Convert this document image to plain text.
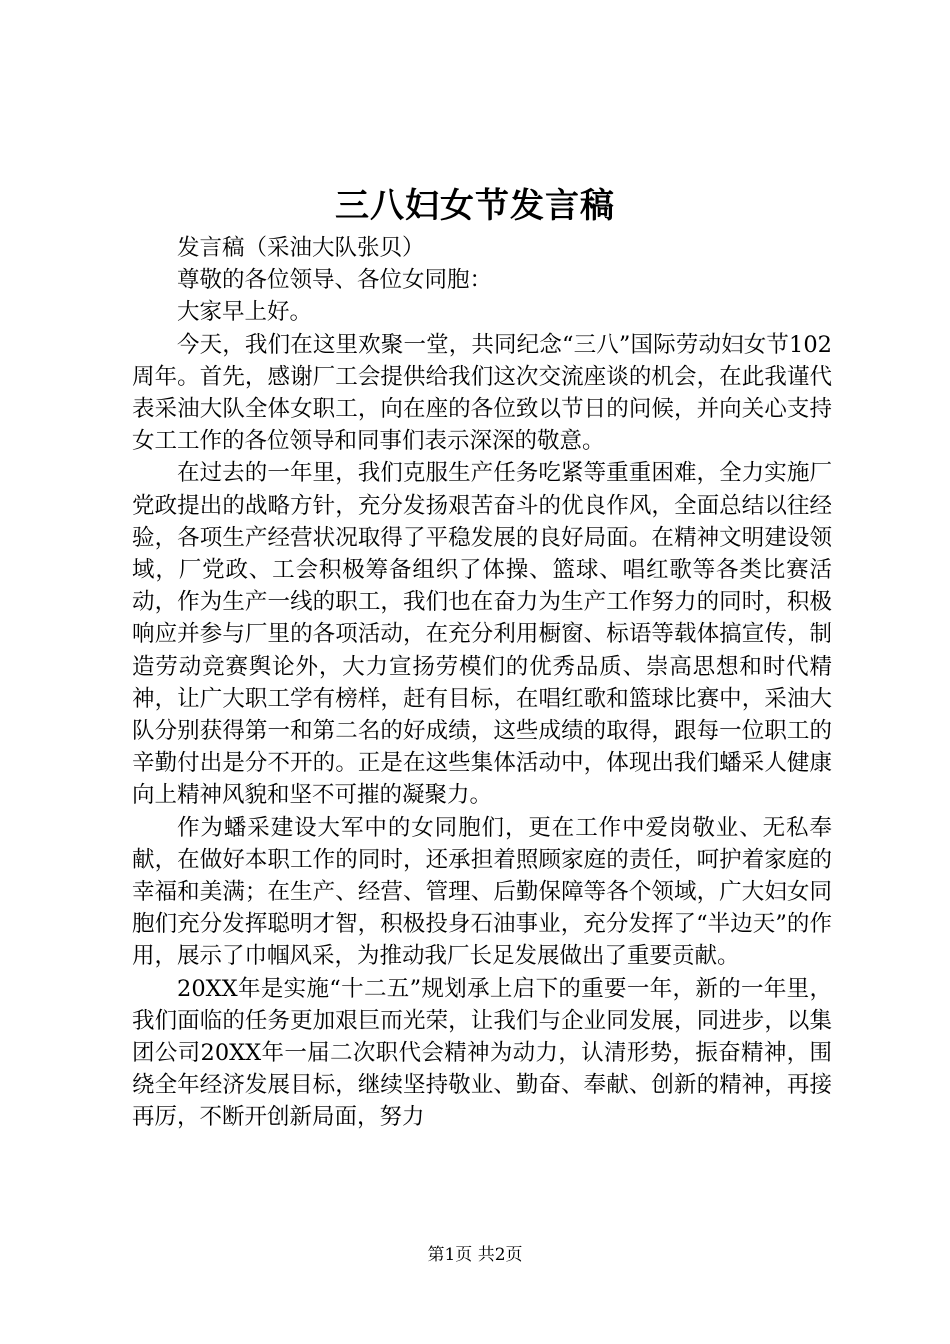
三八妇女节发言稿

发言稿（采油大队张贝）

尊敬的各位领导、各位女同胞：

大家早上好。

今天，我们在这里欢聚一堂，共同纪念“三八”国际劳动妇女节102周年。首先，感谢厂工会提供给我们这次交流座谈的机会，在此我谨代表采油大队全体女职工，向在座的各位致以节日的问候，并向关心支持女工工作的各位领导和同事们表示深深的敬意。

在过去的一年里，我们克服生产任务吃紧等重重困难，全力实施厂党政提出的战略方针，充分发扬艰苦奋斗的优良作风，全面总结以往经验，各项生产经营状况取得了平稳发展的良好局面。在精神文明建设领域，厂党政、工会积极筹备组织了体操、篮球、唱红歌等各类比赛活动，作为生产一线的职工，我们也在奋力为生产工作努力的同时，积极响应并参与厂里的各项活动，在充分利用橱窗、标语等载体搞宣传，制造劳动竞赛舆论外，大力宣扬劳模们的优秀品质、崇高思想和时代精神，让广大职工学有榜样，赶有目标，在唱红歌和篮球比赛中，采油大队分别获得第一和第二名的好成绩，这些成绩的取得，跟每一位职工的辛勤付出是分不开的。正是在这些集体活动中，体现出我们蟠采人健康向上精神风貌和坚不可摧的凝聚力。

作为蟠采建设大军中的女同胞们，更在工作中爱岗敬业、无私奉献，在做好本职工作的同时，还承担着照顾家庭的责任，呵护着家庭的幸福和美满；在生产、经营、管理、后勤保障等各个领域，广大妇女同胞们充分发挥聪明才智，积极投身石油事业，充分发挥了“半边天”的作用，展示了巾帼风采，为推动我厂长足发展做出了重要贡献。

20XX年是实施“十二五”规划承上启下的重要一年，新的一年里，我们面临的任务更加艰巨而光荣，让我们与企业同发展，同进步，以集团公司20XX年一届二次职代会精神为动力，认清形势，振奋精神，围绕全年经济发展目标，继续坚持敬业、勤奋、奉献、创新的精神，再接再厉，不断开创新局面，努力

第1页 共2页
